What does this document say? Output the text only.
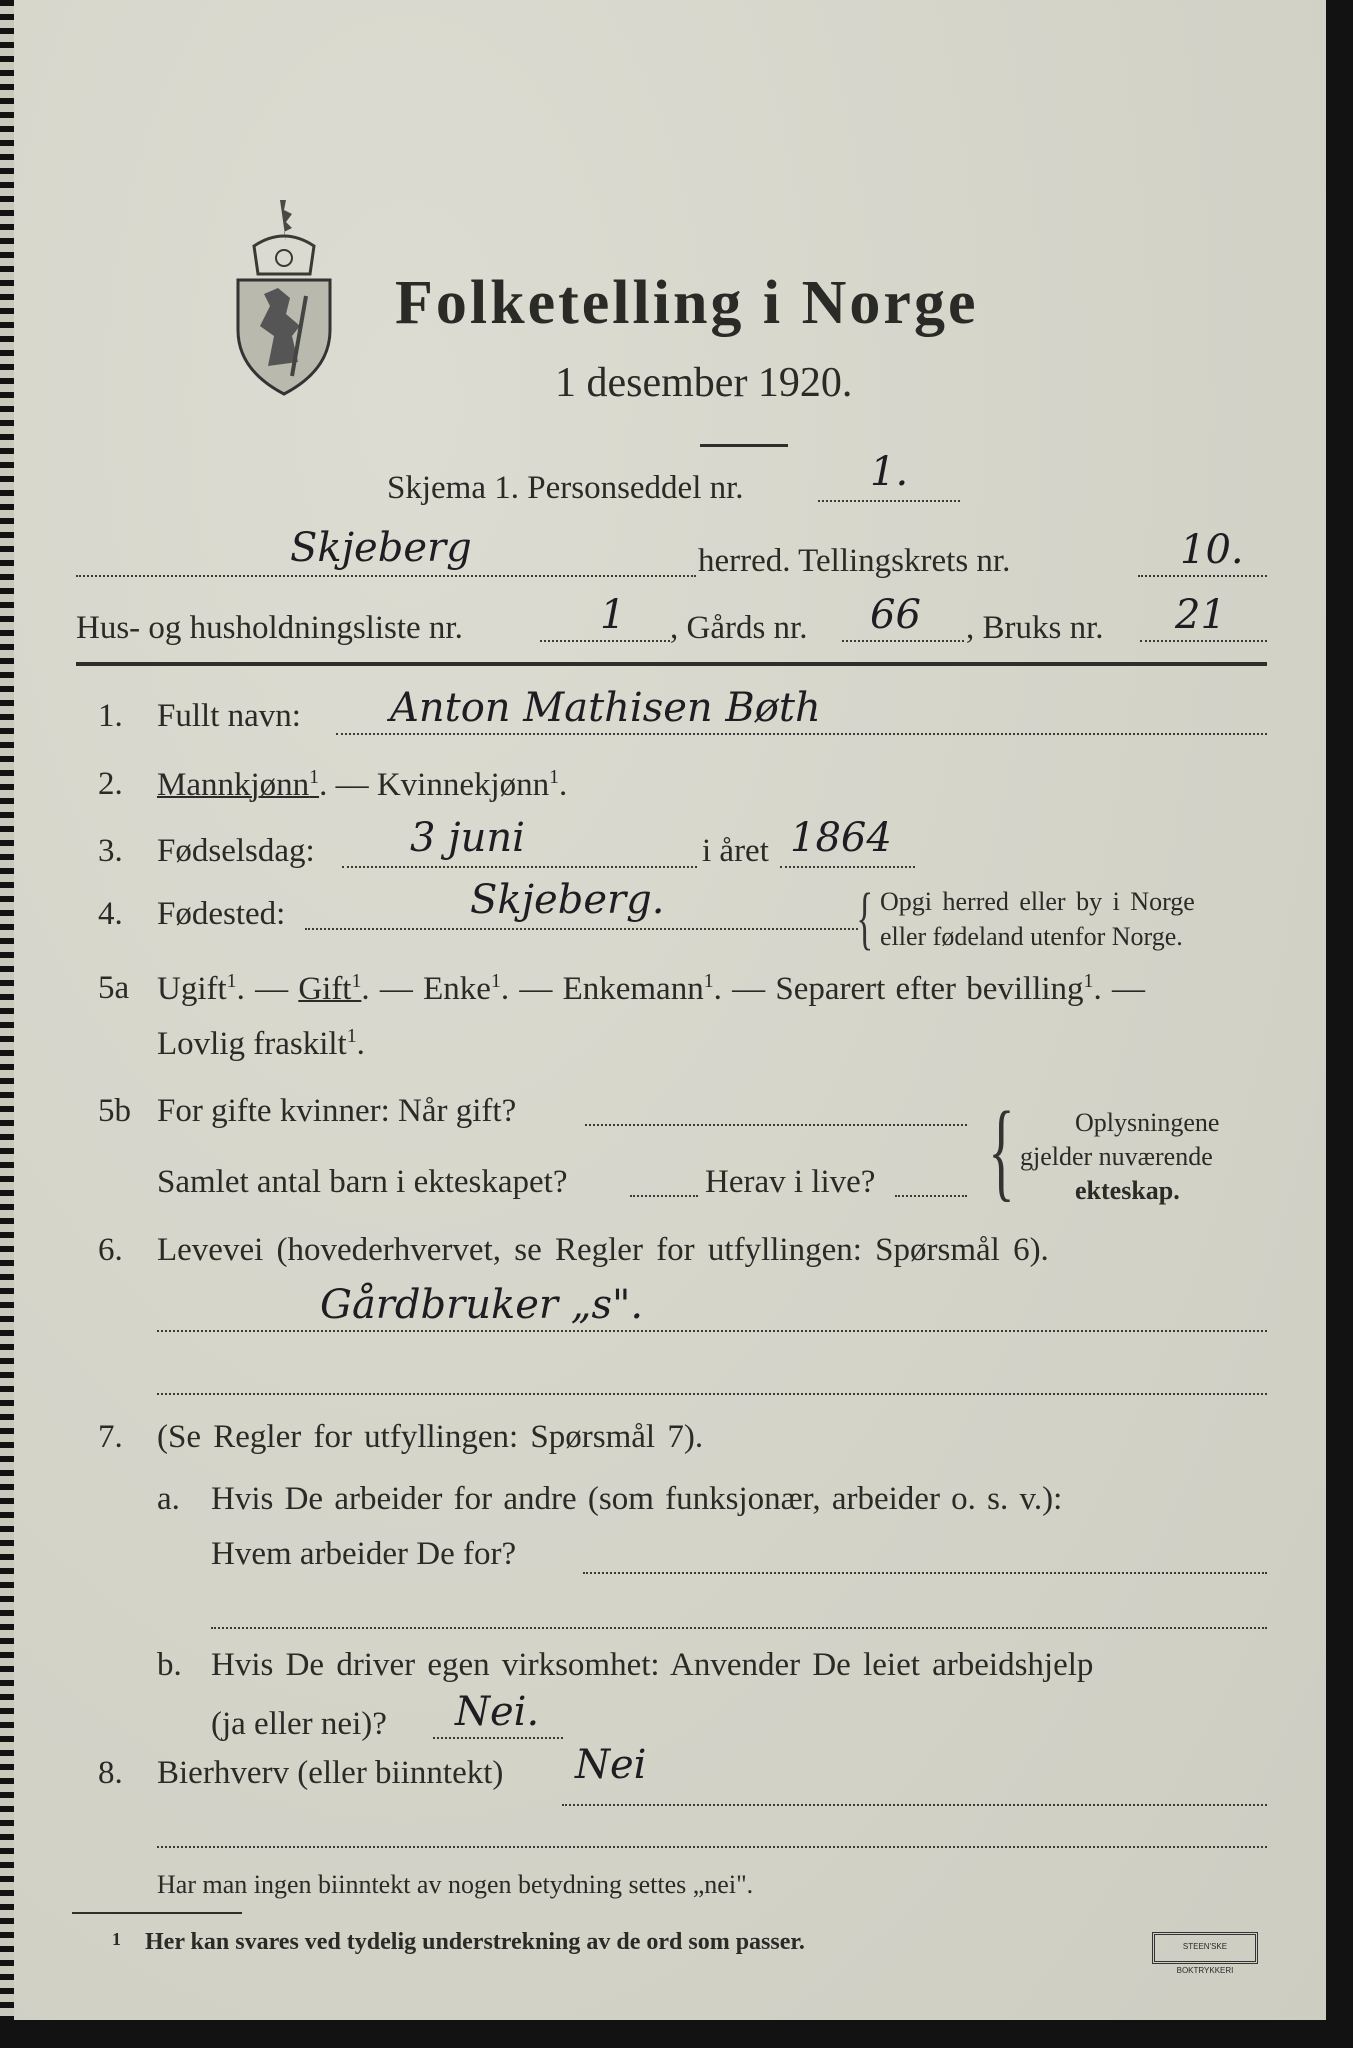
Folketelling i Norge
1 desember 1920.
Skjema 1. Personseddel nr.	1.
Skjeberg	herred. Tellingskrets nr.	10.
Hus- og husholdningsliste nr.	1 , Gårds nr. 66 , Bruks nr. 21
1. Fullt navn: Anton Mathisen Bøth
2. Mannkjønn$^1$. — Kvinnekjønn$^1$.
3. Fødselsdag: 3 juni	i året 1864
4. Fødested:	Skjeberg.	{ Opgi herred eller by i Norge
eller fødeland utenfor Norge.
5a Ugift$^1$. — Gift$^1$. — Enke$^1$. — Enkemann$^1$. — Separert efter bevilling$^1$. —
Lovlig fraskilt$^1$.
5b For gifte kvinner: Når gift?
Samlet antal barn i ekteskapet?	Herav i live? { Oplysningene
gjelder nuværende
ekteskap.
6. Levevei (hovederhvervet, se Regler for utfyllingen: Spørsmål 6).
Gårdbruker „s".
7. (Se Regler for utfyllingen: Spørsmål 7).
a. Hvis De arbeider for andre (som funksjonær, arbeider o. s. v.):
Hvem arbeider De for?
b. Hvis De driver egen virksomhet: Anvender De leiet arbeidshjelp
(ja eller nei)? Nei.
8. Bierhverv (eller biinntekt) Nei
Har man ingen biinntekt av nogen betydning settes „nei".
1 Her kan svares ved tydelig understrekning av de ord som passer.	STEEN'SKE BOKTRYKKERI
